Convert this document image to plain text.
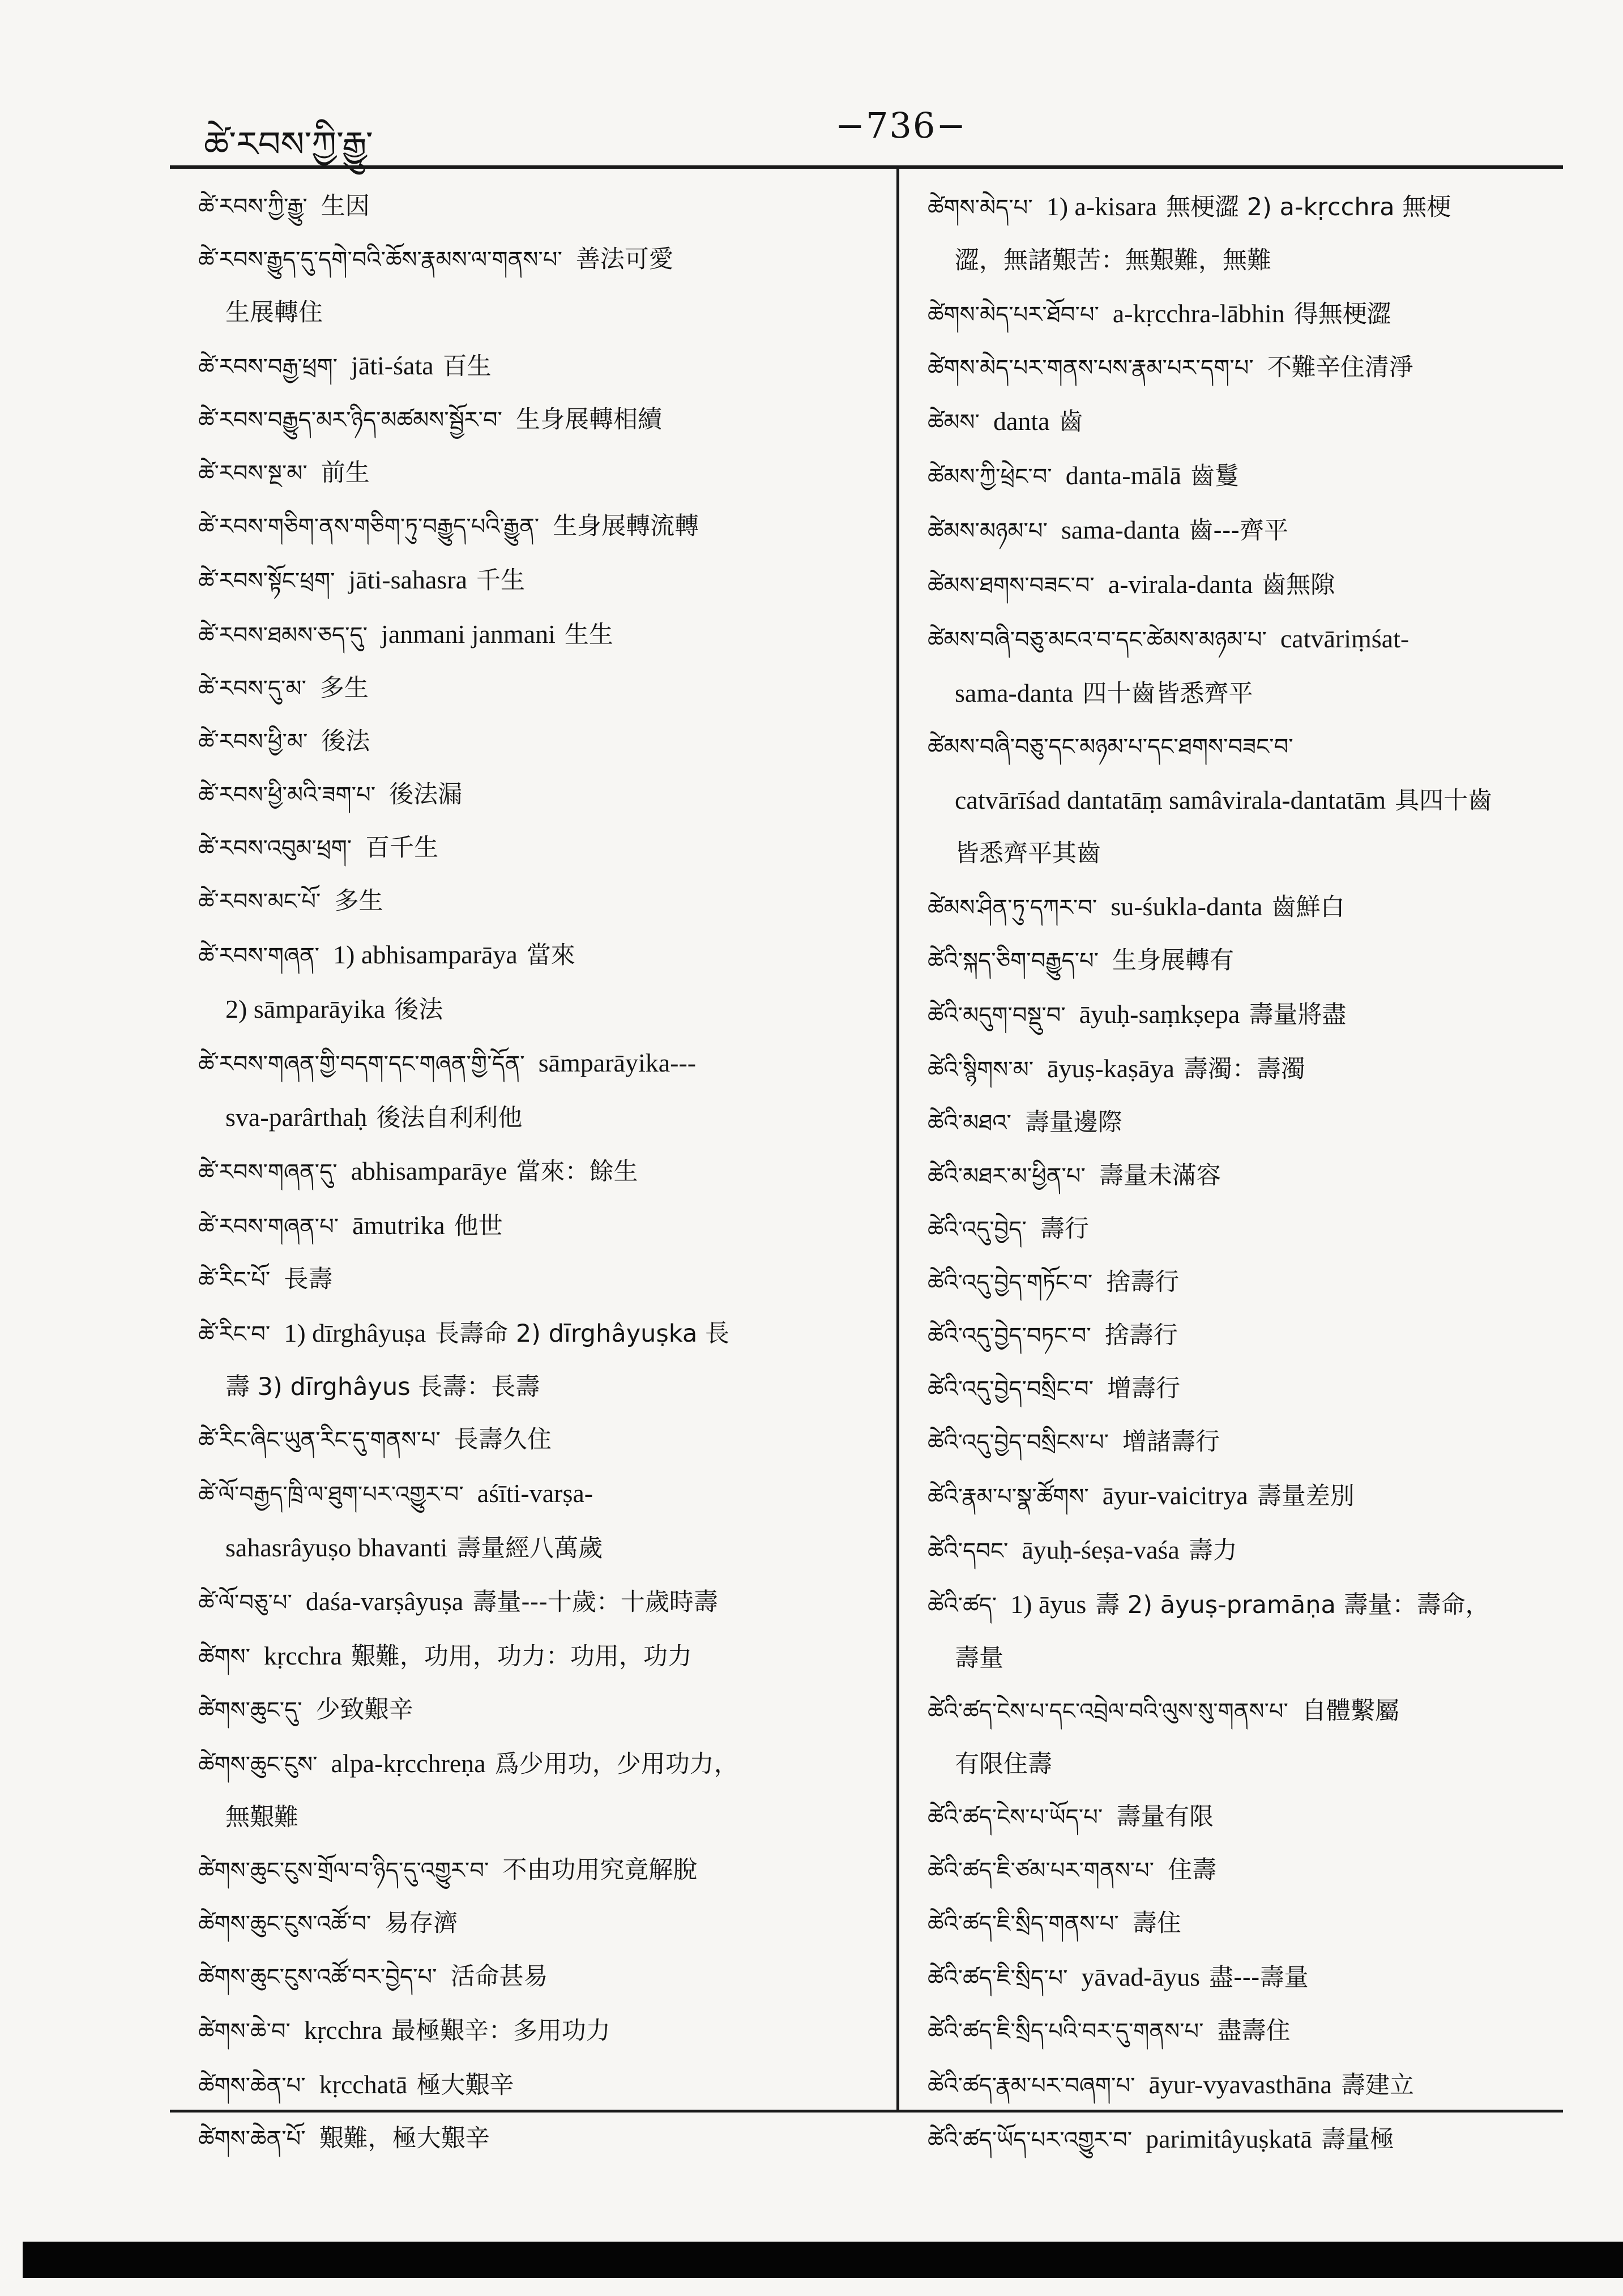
ཚེ་རབས་ཀྱི་རྒྱུ་	−736−
ཚེ་རབས་ཀྱི་རྒྱུ་ 生因
ཚེ་རབས་རྒྱུད་དུ་དགེ་བའི་ཆོས་རྣམས་ལ་གནས་པ་ 善法可愛
生展轉住
ཚེ་རབས་བརྒྱ་ཕྲག་ jāti-śata 百生
ཚེ་རབས་བརྒྱུད་མར་ཉིད་མཚམས་སྦྱོར་བ་ 生身展轉相續
ཚེ་རབས་སྔ་མ་ 前生
ཚེ་རབས་གཅིག་ནས་གཅིག་ཏུ་བརྒྱུད་པའི་རྒྱུན་ 生身展轉流轉
ཚེ་རབས་སྟོང་ཕྲག་ jāti-sahasra 千生
ཚེ་རབས་ཐམས་ཅད་དུ་ janmani janmani 生生
ཚེ་རབས་དུ་མ་ 多生
ཚེ་རབས་ཕྱི་མ་ 後法
ཚེ་རབས་ཕྱི་མའི་ཟག་པ་ 後法漏
ཚེ་རབས་འབུམ་ཕྲག་ 百千生
ཚེ་རབས་མང་པོ་ 多生
ཚེ་རབས་གཞན་ 1) abhisamparāya 當來
2) sāmparāyika 後法
ཚེ་རབས་གཞན་གྱི་བདག་དང་གཞན་གྱི་དོན་ sāmparāyika---
sva-parârthaḥ 後法自利利他
ཚེ་རབས་གཞན་དུ་ abhisamparāye 當來：餘生
ཚེ་རབས་གཞན་པ་ āmutrika 他世
ཚེ་རིང་པོ་ 長壽
ཚེ་རིང་བ་ 1) dīrghâyuṣa 長壽命 2) dīrghâyuṣka 長
壽 3) dīrghâyus 長壽：長壽
ཚེ་རིང་ཞིང་ཡུན་རིང་དུ་གནས་པ་ 長壽久住
ཚེ་ལོ་བརྒྱད་ཁྲི་ལ་ཐུག་པར་འགྱུར་བ་ aśīti-varṣa-
sahasrâyuṣo bhavanti 壽量經八萬歲
ཚེ་ལོ་བཅུ་པ་ daśa-varṣâyuṣa 壽量---十歲：十歲時壽
ཚེགས་ kṛcchra 艱難，功用，功力：功用，功力
ཚེགས་ཆུང་དུ་ 少致艱辛
ཚེགས་ཆུང་ངུས་ alpa-kṛcchreṇa 爲少用功，少用功力，
無艱難
ཚེགས་ཆུང་ངུས་གྲོལ་བ་ཉིད་དུ་འགྱུར་བ་ 不由功用究竟解脫
ཚེགས་ཆུང་ངུས་འཚོ་བ་ 易存濟
ཚེགས་ཆུང་ངུས་འཚོ་བར་བྱེད་པ་ 活命甚易
ཚེགས་ཆེ་བ་ kṛcchra 最極艱辛：多用功力
ཚེགས་ཆེན་པ་ kṛcchatā 極大艱辛
ཚེགས་ཆེན་པོ་ 艱難，極大艱辛
ཚེགས་མེད་པ་ 1) a-kisara 無梗澀 2) a-kṛcchra 無梗
澀，無諸艱苦：無艱難，無難
ཚེགས་མེད་པར་ཐོབ་པ་ a-kṛcchra-lābhin 得無梗澀
ཚེགས་མེད་པར་གནས་པས་རྣམ་པར་དག་པ་ 不難辛住清淨
ཚེམས་ danta 齒
ཚེམས་ཀྱི་ཕྲེང་བ་ danta-mālā 齒鬘
ཚེམས་མཉམ་པ་ sama-danta 齒---齊平
ཚེམས་ཐགས་བཟང་བ་ a-virala-danta 齒無隙
ཚེམས་བཞི་བཅུ་མངའ་བ་དང་ཚེམས་མཉམ་པ་ catvāriṃśat-
sama-danta 四十齒皆悉齊平
ཚེམས་བཞི་བཅུ་དང་མཉམ་པ་དང་ཐགས་བཟང་བ་
catvārīśad dantatāṃ samâvirala-dantatām 具四十齒
皆悉齊平其齒
ཚེམས་ཤིན་ཏུ་དཀར་བ་ su-śukla-danta 齒鮮白
ཚེའི་སྐད་ཅིག་བརྒྱུད་པ་ 生身展轉有
ཚེའི་མདུག་བསྡུ་བ་ āyuḥ-saṃkṣepa 壽量將盡
ཚེའི་སྙིགས་མ་ āyuṣ-kaṣāya 壽濁：壽濁
ཚེའི་མཐའ་ 壽量邊際
ཚེའི་མཐར་མ་ཕྱིན་པ་ 壽量未滿容
ཚེའི་འདུ་བྱེད་ 壽行
ཚེའི་འདུ་བྱེད་གཏོང་བ་ 捨壽行
ཚེའི་འདུ་བྱེད་བཏང་བ་ 捨壽行
ཚེའི་འདུ་བྱེད་བསྲིང་བ་ 增壽行
ཚེའི་འདུ་བྱེད་བསྲིངས་པ་ 增諸壽行
ཚེའི་རྣམ་པ་སྣ་ཚོགས་ āyur-vaicitrya 壽量差別
ཚེའི་དབང་ āyuḥ-śeṣa-vaśa 壽力
ཚེའི་ཚད་ 1) āyus 壽 2) āyuṣ-pramāṇa 壽量：壽命，
壽量
ཚེའི་ཚད་ངེས་པ་དང་འབྲེལ་བའི་ལུས་སུ་གནས་པ་ 自體繫屬
有限住壽
ཚེའི་ཚད་ངེས་པ་ཡོད་པ་ 壽量有限
ཚེའི་ཚད་ཇི་ཙམ་པར་གནས་པ་ 住壽
ཚེའི་ཚད་ཇི་སྲིད་གནས་པ་ 壽住
ཚེའི་ཚད་ཇི་སྲིད་པ་ yāvad-āyus 盡---壽量
ཚེའི་ཚད་ཇི་སྲིད་པའི་བར་དུ་གནས་པ་ 盡壽住
ཚེའི་ཚད་རྣམ་པར་བཞག་པ་ āyur-vyavasthāna 壽建立
ཚེའི་ཚད་ཡོད་པར་འགྱུར་བ་ parimitâyuṣkatā 壽量極
